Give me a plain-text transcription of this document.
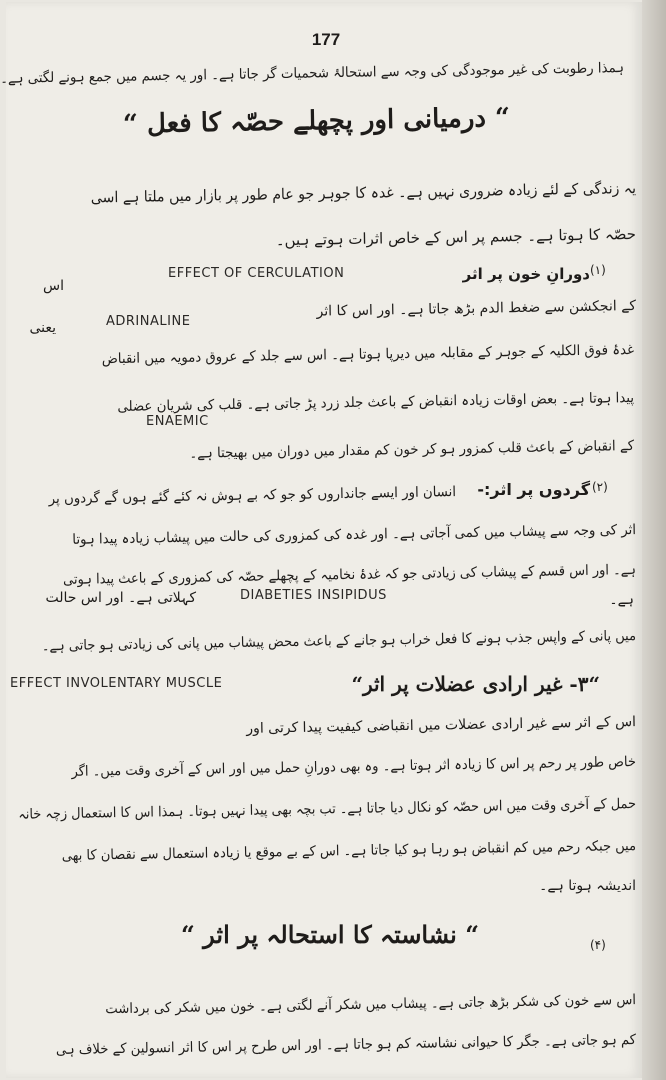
177
ہمذا رطوبت کی غیر موجودگی کی وجہ سے استحالۂ شحمیات گر جاتا ہے۔ اور یہ جسم میں جمع ہونے لگتی ہے۔
“ درمیانی اور پچھلے حصّہ کا فعل “
یہ زندگی کے لئے زیادہ ضروری نہیں ہے۔ غدہ کا جوہر جو عام طور پر بازار میں ملتا ہے اسی
حصّہ کا ہوتا ہے۔ جسم پر اس کے خاص اثرات ہوتے ہیں۔
(۱)
دورانِ خون پر اثر
EFFECT OF CERCULATION
اس
کے انجکشن سے ضغط الدم بڑھ جاتا ہے۔ اور اس کا اثر
ADRINALINE
یعنی
غدۂ فوق الکلیہ کے جوہر کے مقابلہ میں دیرپا ہوتا ہے۔ اس سے جلد کے عروق دمویہ میں انقباض
پیدا ہوتا ہے۔ بعض اوقات زیادہ انقباض کے باعث جلد زرد پڑ جاتی ہے۔ قلب کی شریان عضلی
ENAEMIC
کے انقباض کے باعث قلب کمزور ہو کر خون کم مقدار میں دوران میں بھیجتا ہے۔
(۲)
گردوں پر اثر:-
انسان اور ایسے جانداروں کو جو کہ بے ہوش نہ کئے گئے ہوں گے گردوں پر
اثر کی وجہ سے پیشاب میں کمی آجاتی ہے۔ اور غدہ کی کمزوری کی حالت میں پیشاب زیادہ پیدا ہوتا
ہے۔ اور اس قسم کے پیشاب کی زیادتی جو کہ غدۂ نخامیہ کے پچھلے حصّہ کی کمزوری کے باعث پیدا ہوتی
ہے۔
DIABETIES INSIPIDUS
کہلاتی ہے۔ اور اس حالت
میں پانی کے واپس جذب ہونے کا فعل خراب ہو جانے کے باعث محض پیشاب میں پانی کی زیادتی ہو جاتی ہے۔
“۳- غیر ارادی عضلات پر اثر“
EFFECT INVOLENTARY MUSCLE
اس کے اثر سے غیر ارادی عضلات میں انقباضی کیفیت پیدا کرتی اور
خاص طور پر رحم پر اس کا زیادہ اثر ہوتا ہے۔ وہ بھی دورانِ حمل میں اور اس کے آخری وقت میں۔ اگر
حمل کے آخری وقت میں اس حصّہ کو نکال دیا جاتا ہے۔ تب بچہ بھی پیدا نہیں ہوتا۔ ہمذا اس کا استعمال زچہ خانہ
میں جبکہ رحم میں کم انقباض ہو رہا ہو کیا جاتا ہے۔ اس کے بے موقع یا زیادہ استعمال سے نقصان کا بھی
اندیشہ ہوتا ہے۔
(۴)
“ نشاستہ کا استحالہ پر اثر “
اس سے خون کی شکر بڑھ جاتی ہے۔ پیشاب میں شکر آنے لگتی ہے۔ خون میں شکر کی برداشت
کم ہو جاتی ہے۔ جگر کا حیوانی نشاستہ کم ہو جاتا ہے۔ اور اس طرح پر اس کا اثر انسولین کے خلاف ہی
